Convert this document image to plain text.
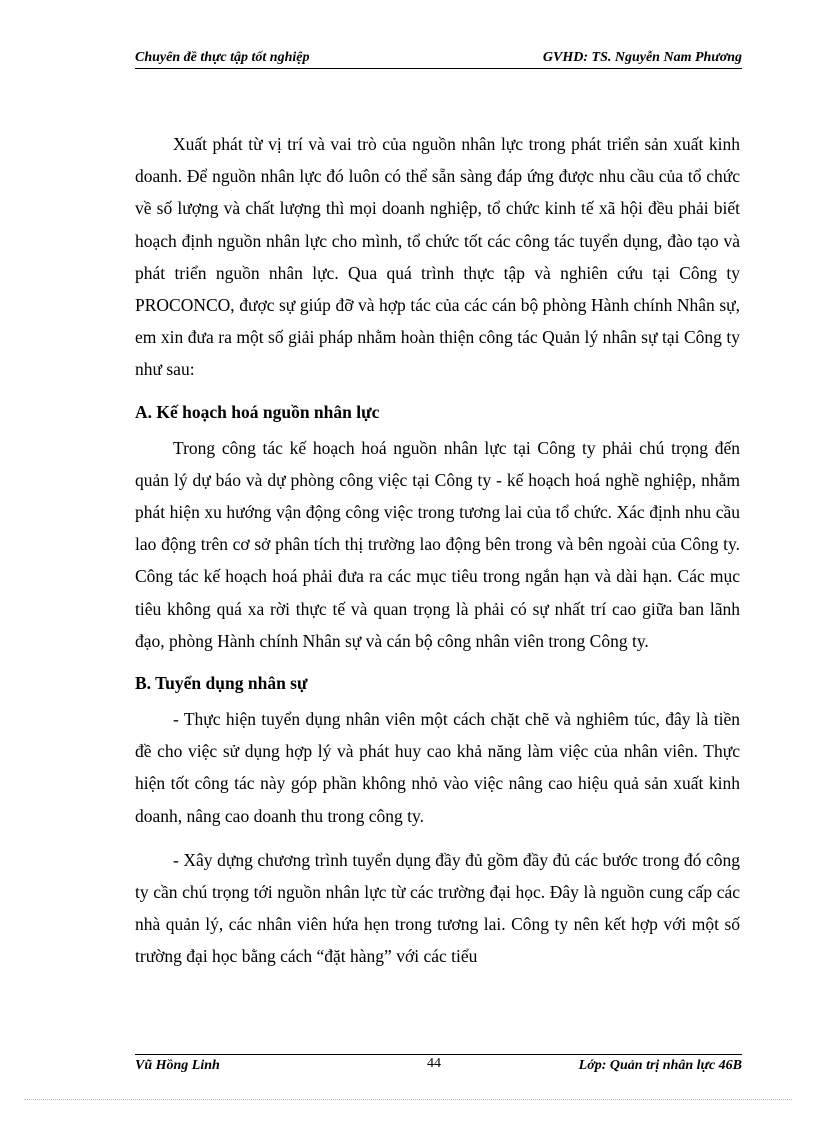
Chuyên đề thực tập tốt nghiệp	GVHD: TS. Nguyễn Nam Phương

Xuất phát từ vị trí và vai trò của nguồn nhân lực trong phát triển sản xuất kinh doanh. Để nguồn nhân lực đó luôn có thể sẵn sàng đáp ứng được nhu cầu của tổ chức về số lượng và chất lượng thì mọi doanh nghiệp, tổ chức kinh tế xã hội đều phải biết hoạch định nguồn nhân lực cho mình, tổ chức tốt các công tác tuyển dụng, đào tạo và phát triển nguồn nhân lực. Qua quá trình thực tập và nghiên cứu tại Công ty PROCONCO, được sự giúp đỡ và hợp tác của các cán bộ phòng Hành chính Nhân sự, em xin đưa ra một số giải pháp nhằm hoàn thiện công tác Quản lý nhân sự tại Công ty như sau:

A. Kế hoạch hoá nguồn nhân lực

Trong công tác kế hoạch hoá nguồn nhân lực tại Công ty phải chú trọng đến quản lý dự báo và dự phòng công việc tại Công ty - kế hoạch hoá nghề nghiệp, nhằm phát hiện xu hướng vận động công việc trong tương lai của tổ chức. Xác định nhu cầu lao động trên cơ sở phân tích thị trường lao động bên trong và bên ngoài của Công ty. Công tác kế hoạch hoá phải đưa ra các mục tiêu trong ngắn hạn và dài hạn. Các mục tiêu không quá xa rời thực tế và quan trọng là phải có sự nhất trí cao giữa ban lãnh đạo, phòng Hành chính Nhân sự và cán bộ công nhân viên trong Công ty.

B. Tuyển dụng nhân sự

- Thực hiện tuyển dụng nhân viên một cách chặt chẽ và nghiêm túc, đây là tiền đề cho việc sử dụng hợp lý và phát huy cao khả năng làm việc của nhân viên. Thực hiện tốt công tác này góp phần không nhỏ vào việc nâng cao hiệu quả sản xuất kinh doanh, nâng cao doanh thu trong công ty.

- Xây dựng chương trình tuyển dụng đầy đủ gồm đầy đủ các bước trong đó công ty cần chú trọng tới nguồn nhân lực từ các trường đại học. Đây là nguồn cung cấp các nhà quản lý, các nhân viên hứa hẹn trong tương lai. Công ty nên kết hợp với một số trường đại học bằng cách “đặt hàng” với các tiểu

Vũ Hồng Linh	44	Lớp: Quản trị nhân lực 46B
